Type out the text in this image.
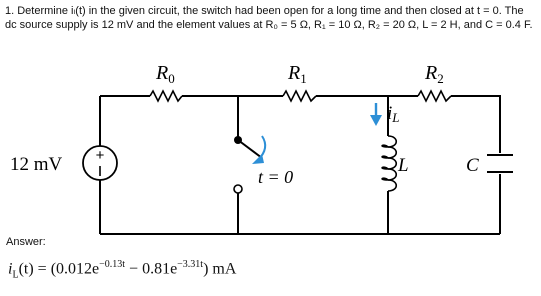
1. Determine iₗ(t) in the given circuit, the switch had been open for a long time and then closed at t = 0. The dc source supply is 12 mV and the element values at R₀ = 5 Ω, R₁ = 10 Ω, R₂ = 20 Ω, L = 2 H, and C = 0.4 F.
+
$R_0$	$R_1$	$R_2$
12 mV
t = 0
iL
L	C
Answer:
$i_L(t) = (0.012e^{-0.13t} - 0.81e^{-3.31t})$ mA
